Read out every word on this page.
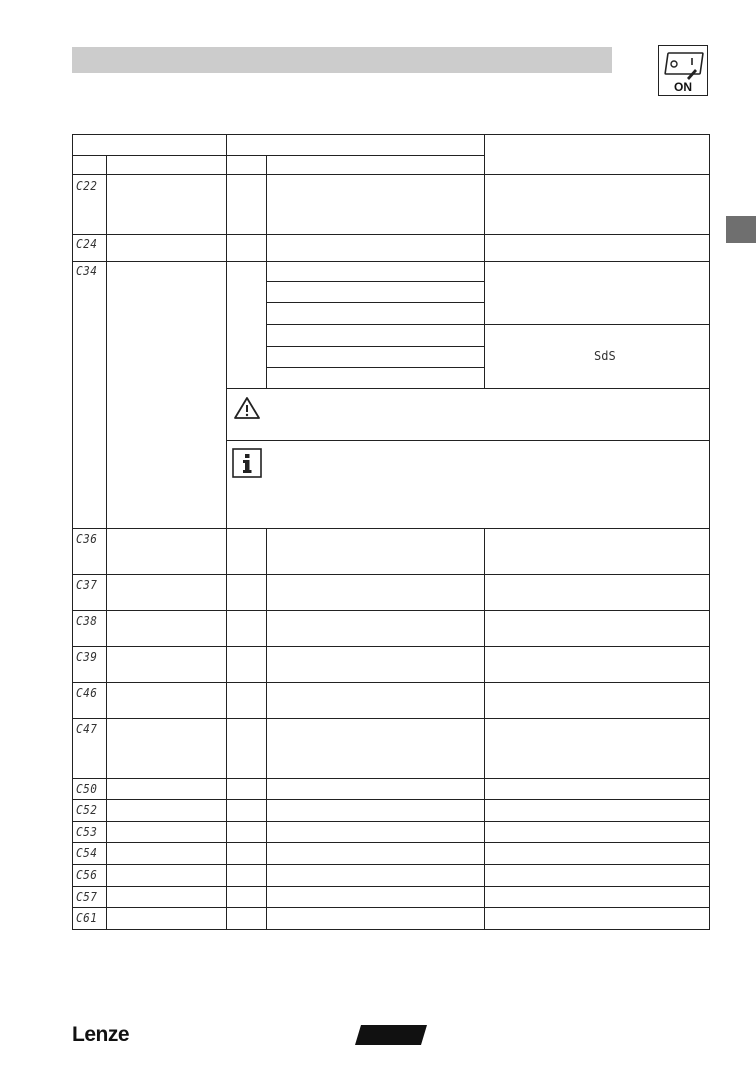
ON
C22
C24
C34
C36
C37
C38
C39
C46
C47
C50
C52
C53
C54
C56
C57
C61
SdS
Lenze
